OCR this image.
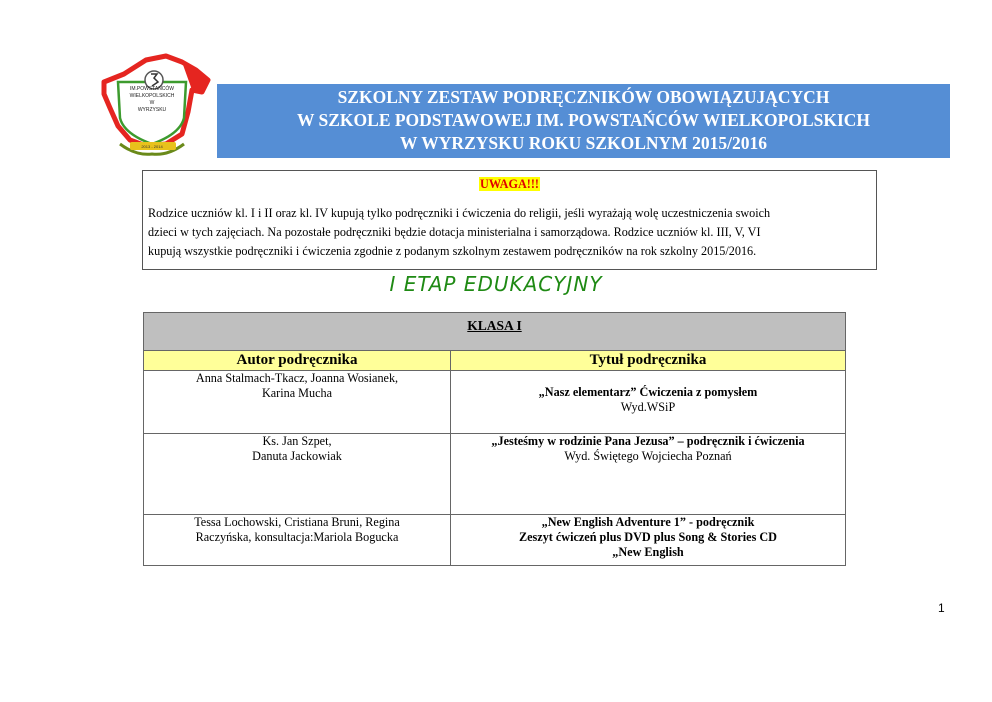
IM.POWSTAŃCÓW
WIELKOPOLSKICH
W
WYRZYSKU
2013 - 2014
SZKOLNY ZESTAW PODRĘCZNIKÓW OBOWIĄZUJĄCYCH
W SZKOLE PODSTAWOWEJ IM. POWSTAŃCÓW WIELKOPOLSKICH
W WYRZYSKU ROKU SZKOLNYM 2015/2016
UWAGA!!!
Rodzice uczniów kl. I i II oraz kl. IV kupują tylko podręczniki i ćwiczenia do religii, jeśli wyrażają wolę uczestniczenia swoich
dzieci w tych zajęciach. Na pozostałe podręczniki będzie dotacja ministerialna i samorządowa. Rodzice uczniów kl. III, V, VI
kupują wszystkie podręczniki i ćwiczenia zgodnie z podanym szkolnym zestawem podręczników na rok szkolny 2015/2016.
I ETAP EDUKACYJNY
KLASA I	
Autor podręcznika	Tytuł podręcznika

Anna Stalmach-Tkacz, Joanna Wosianek,
Karina Mucha	„Nasz elementarz” Ćwiczenia z pomysłem
Wyd.WSiP

Ks. Jan Szpet,
Danuta Jackowiak	„Jesteśmy w rodzinie Pana Jezusa” – podręcznik i ćwiczenia
Wyd. Świętego Wojciecha Poznań

Tessa Lochowski, Cristiana Bruni, Regina
Raczyńska, konsultacja:Mariola Bogucka	„New English Adventure 1” - podręcznik
Zeszyt ćwiczeń plus DVD plus Song & Stories CD
„New English
1
